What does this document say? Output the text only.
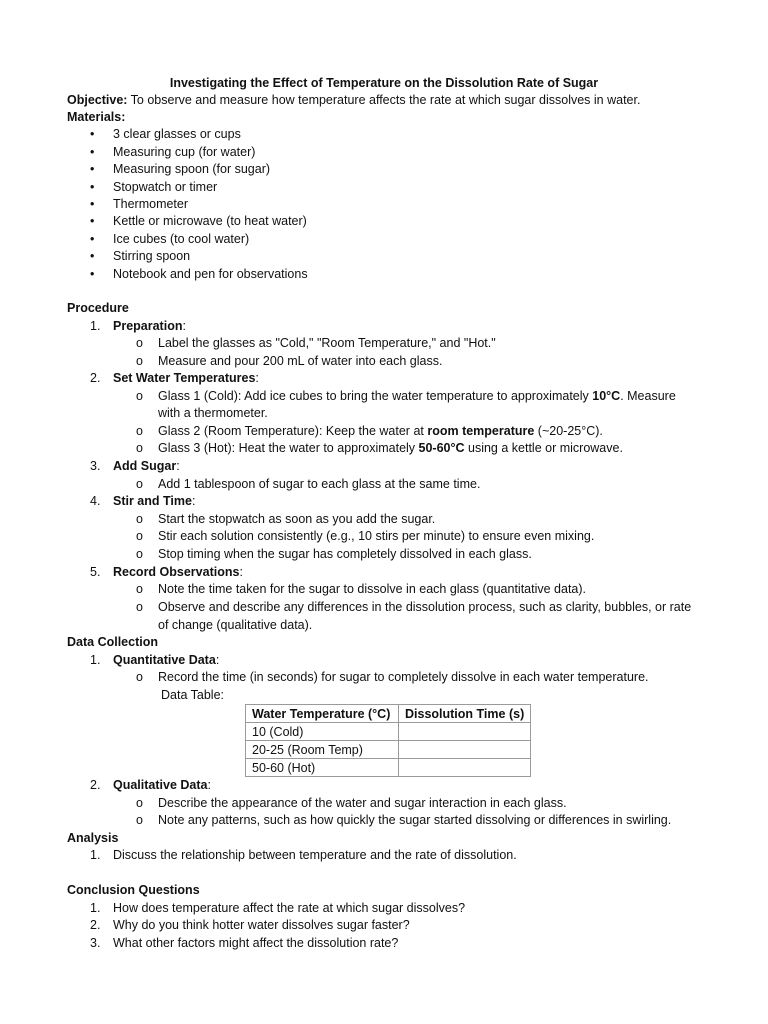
Investigating the Effect of Temperature on the Dissolution Rate of Sugar
Objective: To observe and measure how temperature affects the rate at which sugar dissolves in water.
Materials:
• 3 clear glasses or cups
• Measuring cup (for water)
• Measuring spoon (for sugar)
• Stopwatch or timer
• Thermometer
• Kettle or microwave (to heat water)
• Ice cubes (to cool water)
• Stirring spoon
• Notebook and pen for observations
Procedure
1. Preparation:
o Label the glasses as "Cold," "Room Temperature," and "Hot."
o Measure and pour 200 mL of water into each glass.
2. Set Water Temperatures:
o Glass 1 (Cold): Add ice cubes to bring the water temperature to approximately 10°C. Measure
with a thermometer.
o Glass 2 (Room Temperature): Keep the water at room temperature (~20-25°C).
o Glass 3 (Hot): Heat the water to approximately 50-60°C using a kettle or microwave.
3. Add Sugar:
o Add 1 tablespoon of sugar to each glass at the same time.
4. Stir and Time:
o Start the stopwatch as soon as you add the sugar.
o Stir each solution consistently (e.g., 10 stirs per minute) to ensure even mixing.
o Stop timing when the sugar has completely dissolved in each glass.
5. Record Observations:
o Note the time taken for the sugar to dissolve in each glass (quantitative data).
o Observe and describe any differences in the dissolution process, such as clarity, bubbles, or rate
of change (qualitative data).
Data Collection
1. Quantitative Data:
o Record the time (in seconds) for sugar to completely dissolve in each water temperature.
Data Table:
Water Temperature (°C)	Dissolution Time (s)
10 (Cold)	
20-25 (Room Temp)	
50-60 (Hot)	
2. Qualitative Data:
o Describe the appearance of the water and sugar interaction in each glass.
o Note any patterns, such as how quickly the sugar started dissolving or differences in swirling.
Analysis
1. Discuss the relationship between temperature and the rate of dissolution.
Conclusion Questions
1. How does temperature affect the rate at which sugar dissolves?
2. Why do you think hotter water dissolves sugar faster?
3. What other factors might affect the dissolution rate?
